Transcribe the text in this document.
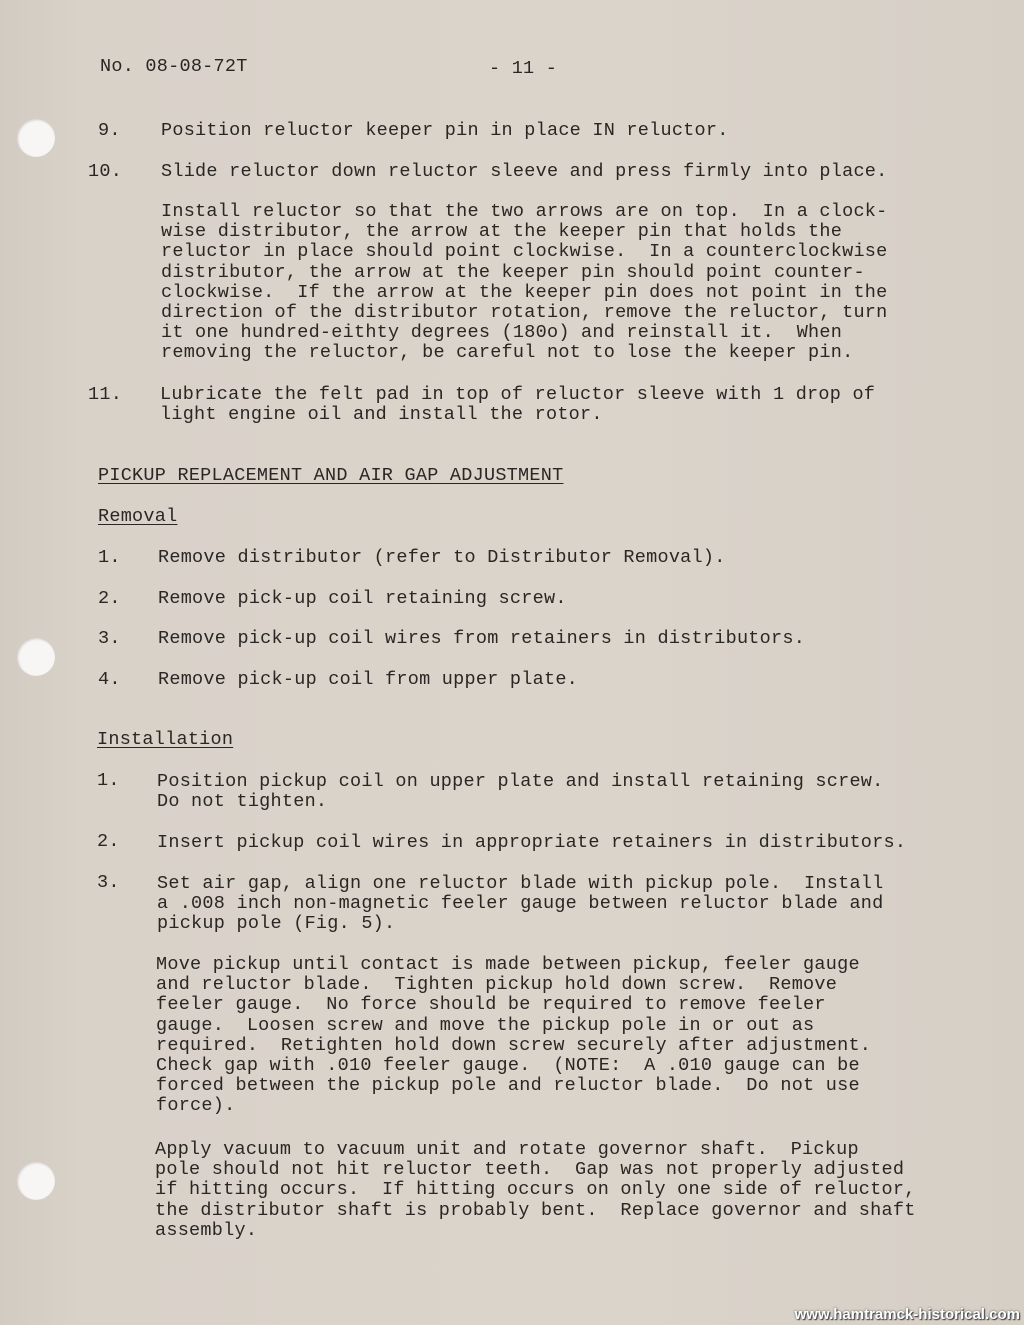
No. 08-08-72T	- 11 -
9. Position reluctor keeper pin in place IN reluctor.
10. Slide reluctor down reluctor sleeve and press firmly into place.
Install reluctor so that the two arrows are on top.  In a clock-
wise distributor, the arrow at the keeper pin that holds the
reluctor in place should point clockwise.  In a counterclockwise
distributor, the arrow at the keeper pin should point counter-
clockwise.  If the arrow at the keeper pin does not point in the
direction of the distributor rotation, remove the reluctor, turn
it one hundred-eithty degrees (180o) and reinstall it.  When
removing the reluctor, be careful not to lose the keeper pin.
11. Lubricate the felt pad in top of reluctor sleeve with 1 drop of
light engine oil and install the rotor.
PICKUP REPLACEMENT AND AIR GAP ADJUSTMENT
Removal
1. Remove distributor (refer to Distributor Removal).
2. Remove pick-up coil retaining screw.
3. Remove pick-up coil wires from retainers in distributors.
4. Remove pick-up coil from upper plate.
Installation
1. Position pickup coil on upper plate and install retaining screw.
Do not tighten.
2. Insert pickup coil wires in appropriate retainers in distributors.
3. Set air gap, align one reluctor blade with pickup pole.  Install
a .008 inch non-magnetic feeler gauge between reluctor blade and
pickup pole (Fig. 5).
Move pickup until contact is made between pickup, feeler gauge
and reluctor blade.  Tighten pickup hold down screw.  Remove
feeler gauge.  No force should be required to remove feeler
gauge.  Loosen screw and move the pickup pole in or out as
required.  Retighten hold down screw securely after adjustment.
Check gap with .010 feeler gauge.  (NOTE:  A .010 gauge can be
forced between the pickup pole and reluctor blade.  Do not use
force).
Apply vacuum to vacuum unit and rotate governor shaft.  Pickup
pole should not hit reluctor teeth.  Gap was not properly adjusted
if hitting occurs.  If hitting occurs on only one side of reluctor,
the distributor shaft is probably bent.  Replace governor and shaft
assembly.
www.hamtramck-historical.com
